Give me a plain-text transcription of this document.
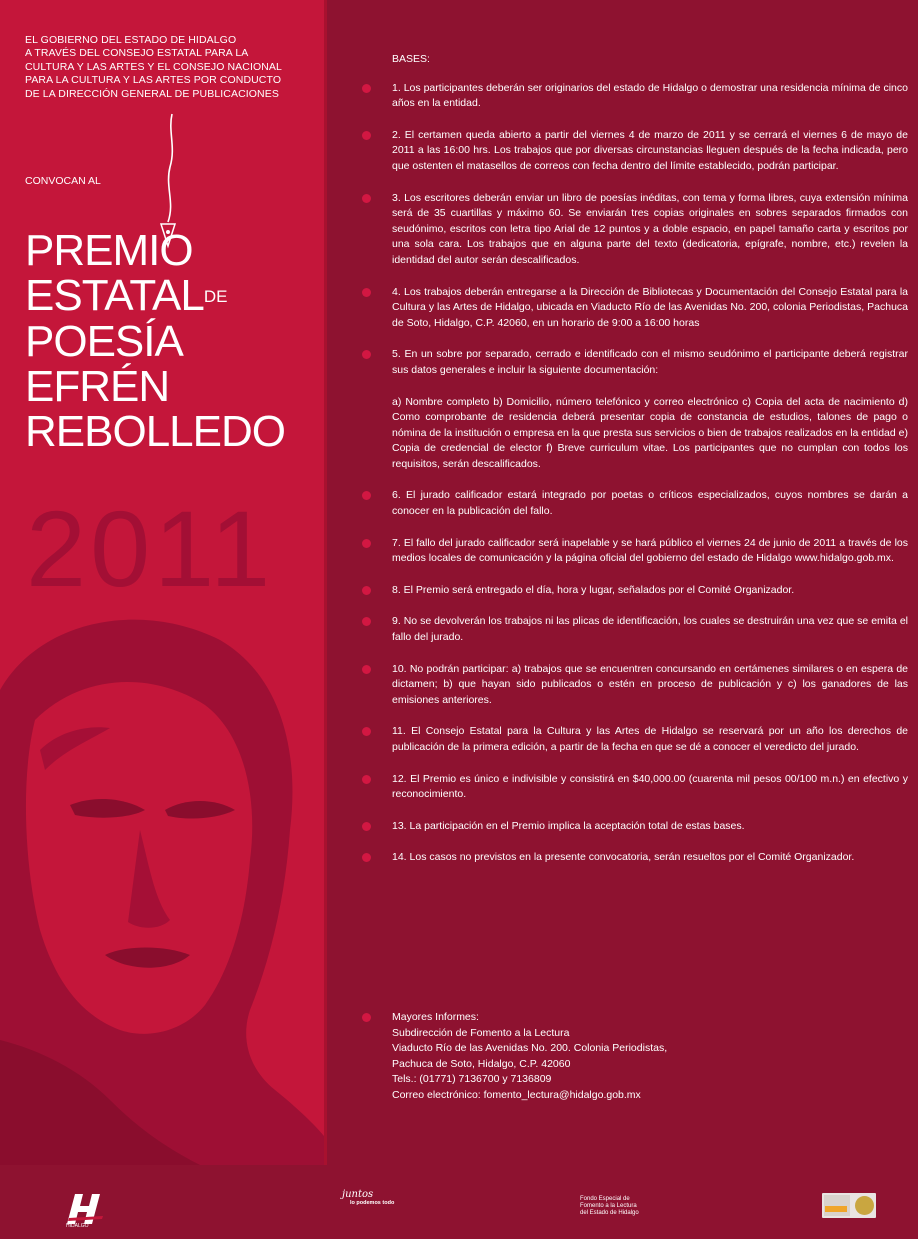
EL GOBIERNO DEL ESTADO DE HIDALGO
A TRAVÉS DEL CONSEJO ESTATAL PARA LA
CULTURA Y LAS ARTES Y EL CONSEJO NACIONAL
PARA LA CULTURA Y LAS ARTES POR CONDUCTO
DE LA DIRECCIÓN GENERAL DE PUBLICACIONES

CONVOCAN AL

PREMIO
ESTATALDE
POESÍA
EFRÉN
REBOLLEDO
2011

BASES:

1. Los participantes deberán ser originarios del estado de Hidalgo o demostrar una residencia mínima de cinco años en la entidad.

2. El certamen queda abierto a partir del viernes 4 de marzo de 2011 y se cerrará el viernes 6 de mayo de 2011 a las 16:00 hrs. Los trabajos que por diversas circunstancias lleguen después de la fecha indicada, pero que ostenten el matasellos de correos con fecha dentro del límite establecido, podrán participar.

3. Los escritores deberán enviar un libro de poesías inéditas, con tema y forma libres, cuya extensión mínima será de 35 cuartillas y máximo 60. Se enviarán tres copias originales en sobres separados firmados con seudónimo, escritos con letra tipo Arial de 12 puntos y a doble espacio, en papel tamaño carta y escritos por una sola cara. Los trabajos que en alguna parte del texto (dedicatoria, epígrafe, nombre, etc.) revelen la identidad del autor serán descalificados.

4. Los trabajos deberán entregarse a la Dirección de Bibliotecas y Documentación del Consejo Estatal para la Cultura y las Artes de Hidalgo, ubicada en Viaducto Río de las Avenidas No. 200, colonia Periodistas, Pachuca de Soto, Hidalgo, C.P. 42060, en un horario de 9:00 a 16:00 horas

5. En un sobre por separado, cerrado e identificado con el mismo seudónimo el participante deberá registrar sus datos generales e incluir la siguiente documentación:

a) Nombre completo b) Domicilio, número telefónico y correo electrónico c) Copia del acta de nacimiento d) Como comprobante de residencia deberá presentar copia de constancia de estudios, talones de pago o nómina de la institución o empresa en la que presta sus servicios o bien de trabajos realizados en la entidad e) Copia de credencial de elector f) Breve curriculum vitae. Los participantes que no cumplan con todos los requisitos, serán descalificados.

6. El jurado calificador estará integrado por poetas o críticos especializados, cuyos nombres se darán a conocer en la publicación del fallo.

7. El fallo del jurado calificador será inapelable y se hará público el viernes 24 de junio de 2011 a través de los medios locales de comunicación y la página oficial del gobierno del estado de Hidalgo www.hidalgo.gob.mx.

8. El Premio será entregado el día, hora y lugar, señalados por el Comité Organizador.

9. No se devolverán los trabajos ni las plicas de identificación, los cuales se destruirán una vez que se emita el fallo del jurado.

10. No podrán participar: a) trabajos que se encuentren concursando en certámenes similares o en espera de dictamen; b) que hayan sido publicados o estén en proceso de publicación y c) los ganadores de las emisiones anteriores.

11. El Consejo Estatal para la Cultura y las Artes de Hidalgo se reservará por un año los derechos de publicación de la primera edición, a partir de la fecha en que se dé a conocer el veredicto del jurado.

12. El Premio es único e indivisible y consistirá en $40,000.00 (cuarenta mil pesos 00/100 m.n.) en efectivo y reconocimiento.

13. La participación en el Premio implica la aceptación total de estas bases.

14. Los casos no previstos en la presente convocatoria, serán resueltos por el Comité Organizador.

Mayores Informes:
Subdirección de Fomento a la Lectura
Viaducto Río de las Avenidas No. 200. Colonia Periodistas,
Pachuca de Soto, Hidalgo, C.P. 42060
Tels.: (01771) 7136700 y 7136809
Correo electrónico: fomento_lectura@hidalgo.gob.mx
HIDALGO
juntos
lo podemos todo
Fondo Especial de
Fomento a la Lectura
del Estado de Hidalgo
